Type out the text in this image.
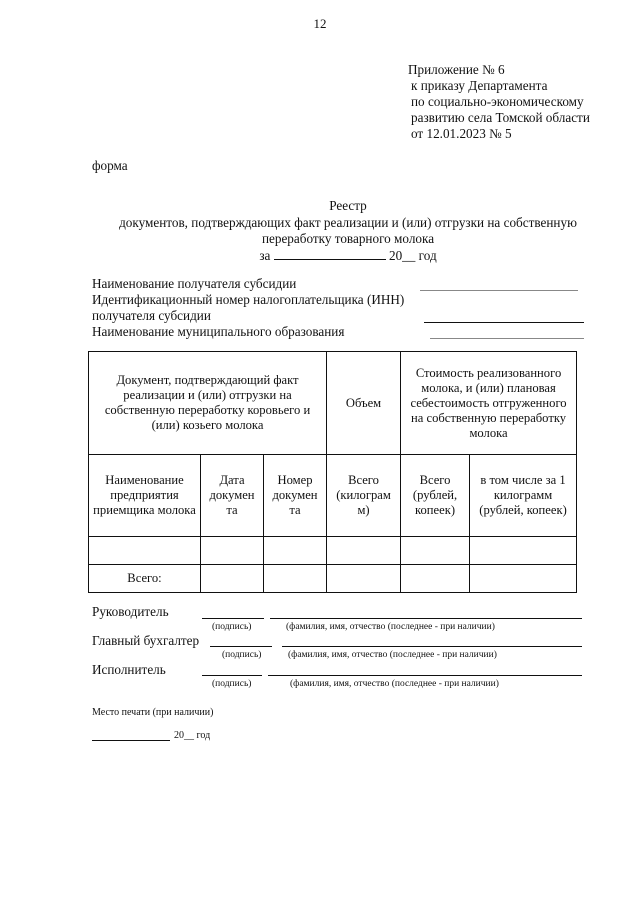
12
Приложение № 6
к приказу Департамента
по социально-экономическому
развитию села Томской области
от 12.01.2023 № 5
форма
Реестр
документов, подтверждающих факт реализации и (или) отгрузки на собственную
переработку товарного молока
за	20__ год
Наименование получателя субсидии
Идентификационный номер налогоплательщика (ИНН)
получателя субсидии
Наименование муниципального образования
Документ, подтверждающий факт реализации и (или) отгрузки на собственную переработку коровьего и (или) козьего молока			Объем	Стоимость реализованного молока, и (или) плановая себестоимость отгруженного на собственную переработку молока	
Наименование предприятия приемщика молока	Дата докумен та	Номер докумен та	Всего (килограм м)	Всего (рублей, копеек)	в том числе за 1 килограмм (рублей, копеек)

Всего:					
Руководитель
(подпись)	(фамилия, имя, отчество (последнее - при наличии)
Главный бухгалтер
(подпись)	(фамилия, имя, отчество (последнее - при наличии)
Исполнитель
(подпись)	(фамилия, имя, отчество (последнее - при наличии)
Место печати (при наличии)
20__ год
